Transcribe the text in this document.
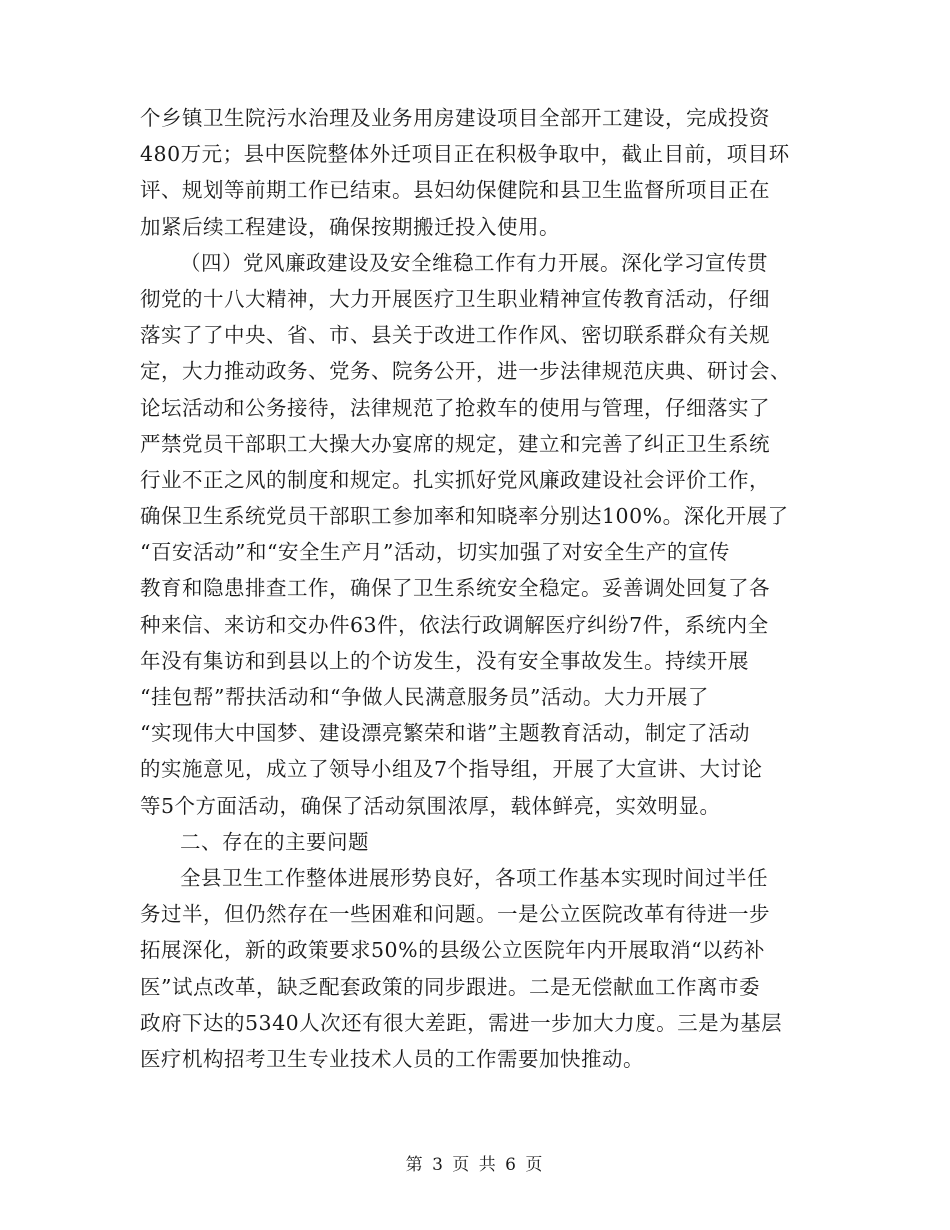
个乡镇卫生院污水治理及业务用房建设项目全部开工建设，完成投资
480万元；县中医院整体外迁项目正在积极争取中，截止目前，项目环
评、规划等前期工作已结束。县妇幼保健院和县卫生监督所项目正在
加紧后续工程建设，确保按期搬迁投入使用。
（四）党风廉政建设及安全维稳工作有力开展。深化学习宣传贯
彻党的十八大精神，大力开展医疗卫生职业精神宣传教育活动，仔细
落实了了中央、省、市、县关于改进工作作风、密切联系群众有关规
定，大力推动政务、党务、院务公开，进一步法律规范庆典、研讨会、
论坛活动和公务接待，法律规范了抢救车的使用与管理，仔细落实了
严禁党员干部职工大操大办宴席的规定，建立和完善了纠正卫生系统
行业不正之风的制度和规定。扎实抓好党风廉政建设社会评价工作，
确保卫生系统党员干部职工参加率和知晓率分别达100%。深化开展了
“百安活动”和“安全生产月”活动，切实加强了对安全生产的宣传
教育和隐患排查工作，确保了卫生系统安全稳定。妥善调处回复了各
种来信、来访和交办件63件，依法行政调解医疗纠纷7件，系统内全
年没有集访和到县以上的个访发生，没有安全事故发生。持续开展
“挂包帮”帮扶活动和“争做人民满意服务员”活动。大力开展了
“实现伟大中国梦、建设漂亮繁荣和谐”主题教育活动，制定了活动
的实施意见，成立了领导小组及7个指导组，开展了大宣讲、大讨论
等5个方面活动，确保了活动氛围浓厚，载体鲜亮，实效明显。
二、存在的主要问题
全县卫生工作整体进展形势良好，各项工作基本实现时间过半任
务过半，但仍然存在一些困难和问题。一是公立医院改革有待进一步
拓展深化，新的政策要求50%的县级公立医院年内开展取消“以药补
医”试点改革，缺乏配套政策的同步跟进。二是无偿献血工作离市委
政府下达的5340人次还有很大差距，需进一步加大力度。三是为基层
医疗机构招考卫生专业技术人员的工作需要加快推动。
第 3 页 共 6 页
